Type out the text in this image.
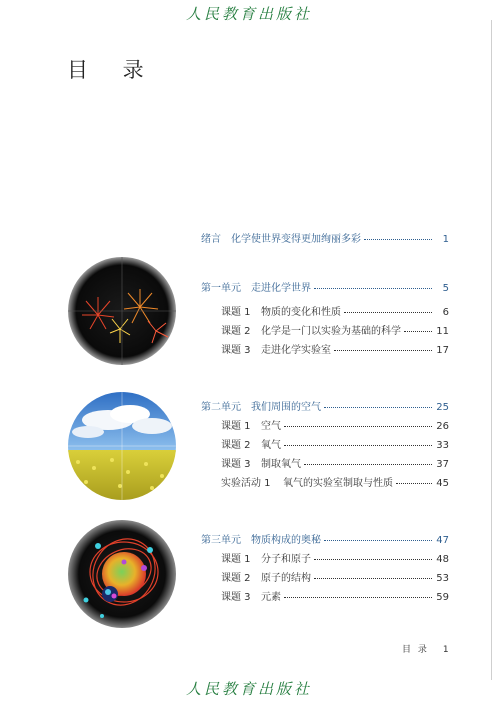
人民教育出版社
目 录
绪言　化学使世界变得更加绚丽多彩	1
第一单元　走进化学世界	5
课题 1 物质的变化和性质	6
课题 2 化学是一门以实验为基础的科学	11
课题 3 走进化学实验室	17
第二单元　我们周围的空气	25
课题 1 空气	26
课题 2 氧气	33
课题 3 制取氧气	37
实验活动 1 氧气的实验室制取与性质	45
第三单元　物质构成的奥秘	47
课题 1 分子和原子	48
课题 2 原子的结构	53
课题 3 元素	59
目 录 1
人民教育出版社
